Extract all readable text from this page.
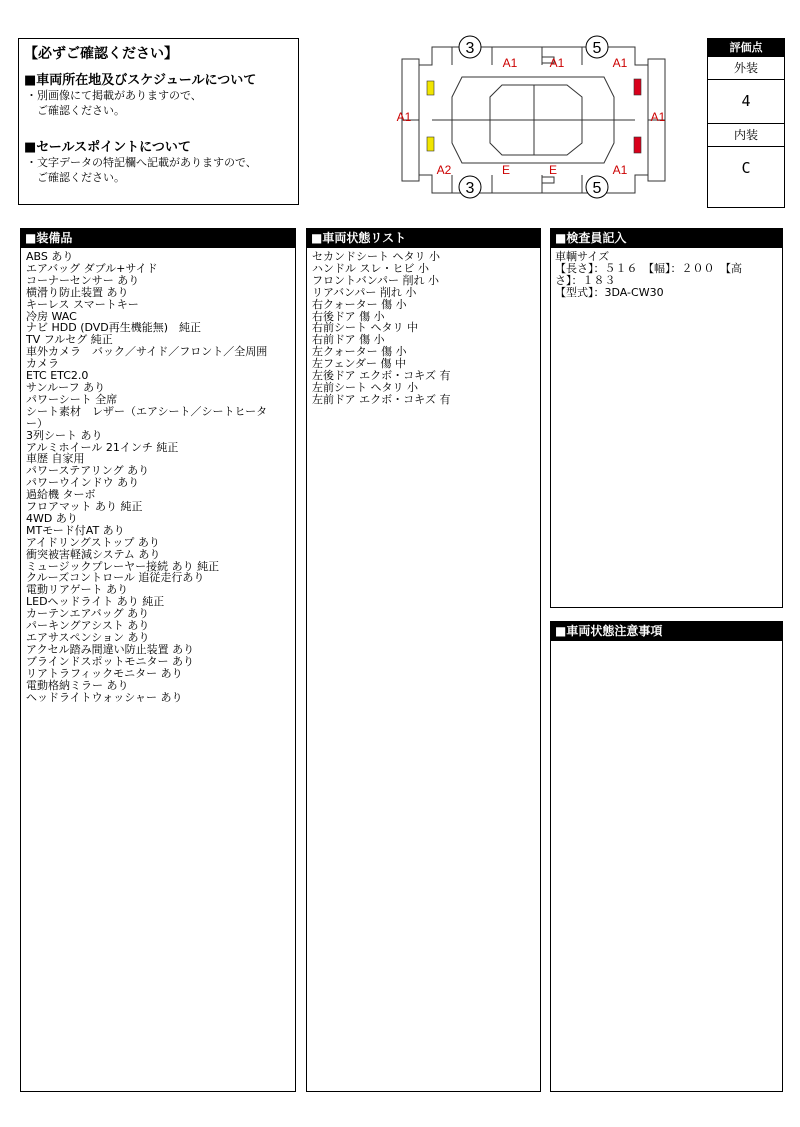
【必ずご確認ください】
■車両所在地及びスケジュールについて
・別画像にて掲載がありますので、
　ご確認ください。
■セールスポイントについて
・文字データの特記欄へ記載がありますので、
　ご確認ください。
3	5
3	5
A1	A1	A1
A1	A1
A2	E	E	A1
評価点
外装
4
内装
C
■装備品
ABS あり
エアバッグ ダブル+サイド
コーナーセンサー あり
横滑り防止装置 あり
キーレス スマートキー
冷房 WAC
ナビ HDD (DVD再生機能無)　純正
TV フルセグ 純正
車外カメラ　バック／サイド／フロント／全周囲
カメラ
ETC ETC2.0
サンルーフ あり
パワーシート 全席
シート素材　レザー（エアシート／シートヒータ
ー）
3列シート あり
アルミホイール 21インチ 純正
車歴 自家用
パワーステアリング あり
パワーウインドウ あり
過給機 ターボ
フロアマット あり 純正
4WD あり
MTモード付AT あり
アイドリングストップ あり
衝突被害軽減システム あり
ミュージックプレーヤー接続 あり 純正
クルーズコントロール 追従走行あり
電動リアゲート あり
LEDヘッドライト あり 純正
カーテンエアバッグ あり
パーキングアシスト あり
エアサスペンション あり
アクセル踏み間違い防止装置 あり
ブラインドスポットモニター あり
リアトラフィックモニター あり
電動格納ミラー あり
ヘッドライトウォッシャー あり
■車両状態リスト
セカンドシート ヘタリ 小
ハンドル スレ・ヒビ 小
フロントバンパー 削れ 小
リアバンパー 削れ 小
右クォーター 傷 小
右後ドア 傷 小
右前シート ヘタリ 中
右前ドア 傷 小
左クォーター 傷 小
左フェンダー 傷 中
左後ドア エクボ・コキズ 有
左前シート ヘタリ 小
左前ドア エクボ・コキズ 有
■検査員記入
車輌サイズ
【長さ】：５１６　【幅】：２００　【高
さ】：１８３
【型式】：3DA-CW30
■車両状態注意事項
